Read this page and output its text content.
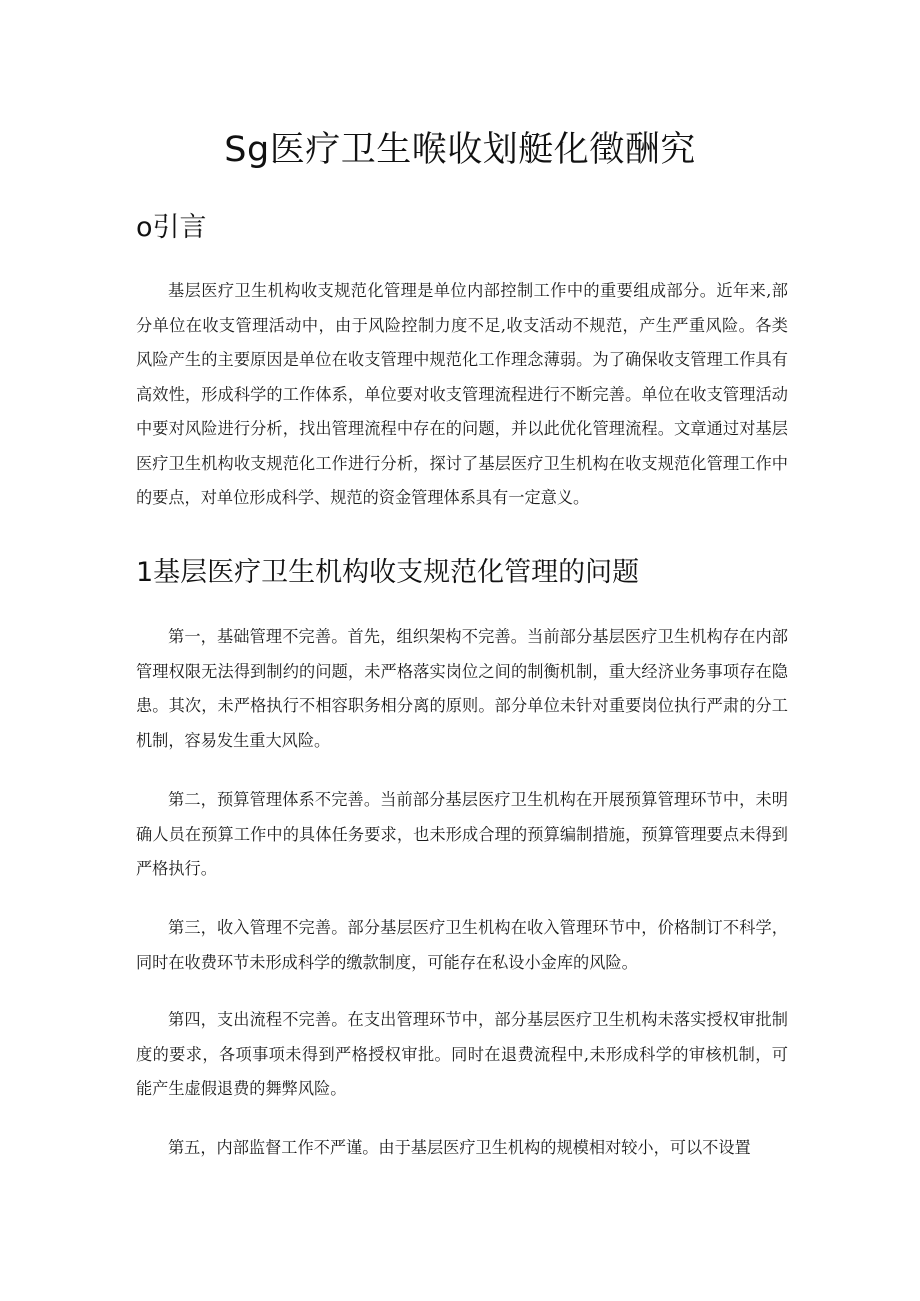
Sg医疗卫生喉收划艇化徵酬究
o引言

基层医疗卫生机构收支规范化管理是单位内部控制工作中的重要组成部分。近年来,部分单位在收支管理活动中，由于风险控制力度不足,收支活动不规范，产生严重风险。各类风险产生的主要原因是单位在收支管理中规范化工作理念薄弱。为了确保收支管理工作具有高效性，形成科学的工作体系，单位要对收支管理流程进行不断完善。单位在收支管理活动中要对风险进行分析，找出管理流程中存在的问题，并以此优化管理流程。文章通过对基层医疗卫生机构收支规范化工作进行分析，探讨了基层医疗卫生机构在收支规范化管理工作中的要点，对单位形成科学、规范的资金管理体系具有一定意义。

1基层医疗卫生机构收支规范化管理的问题

第一，基础管理不完善。首先，组织架构不完善。当前部分基层医疗卫生机构存在内部管理权限无法得到制约的问题，未严格落实岗位之间的制衡机制，重大经济业务事项存在隐患。其次，未严格执行不相容职务相分离的原则。部分单位未针对重要岗位执行严肃的分工机制，容易发生重大风险。

第二，预算管理体系不完善。当前部分基层医疗卫生机构在开展预算管理环节中，未明确人员在预算工作中的具体任务要求，也未形成合理的预算编制措施，预算管理要点未得到严格执行。

第三，收入管理不完善。部分基层医疗卫生机构在收入管理环节中，价格制订不科学，同时在收费环节未形成科学的缴款制度，可能存在私设小金库的风险。

第四，支出流程不完善。在支出管理环节中，部分基层医疗卫生机构未落实授权审批制度的要求，各项事项未得到严格授权审批。同时在退费流程中,未形成科学的审核机制，可能产生虚假退费的舞弊风险。

第五，内部监督工作不严谨。由于基层医疗卫生机构的规模相对较小，可以不设置
